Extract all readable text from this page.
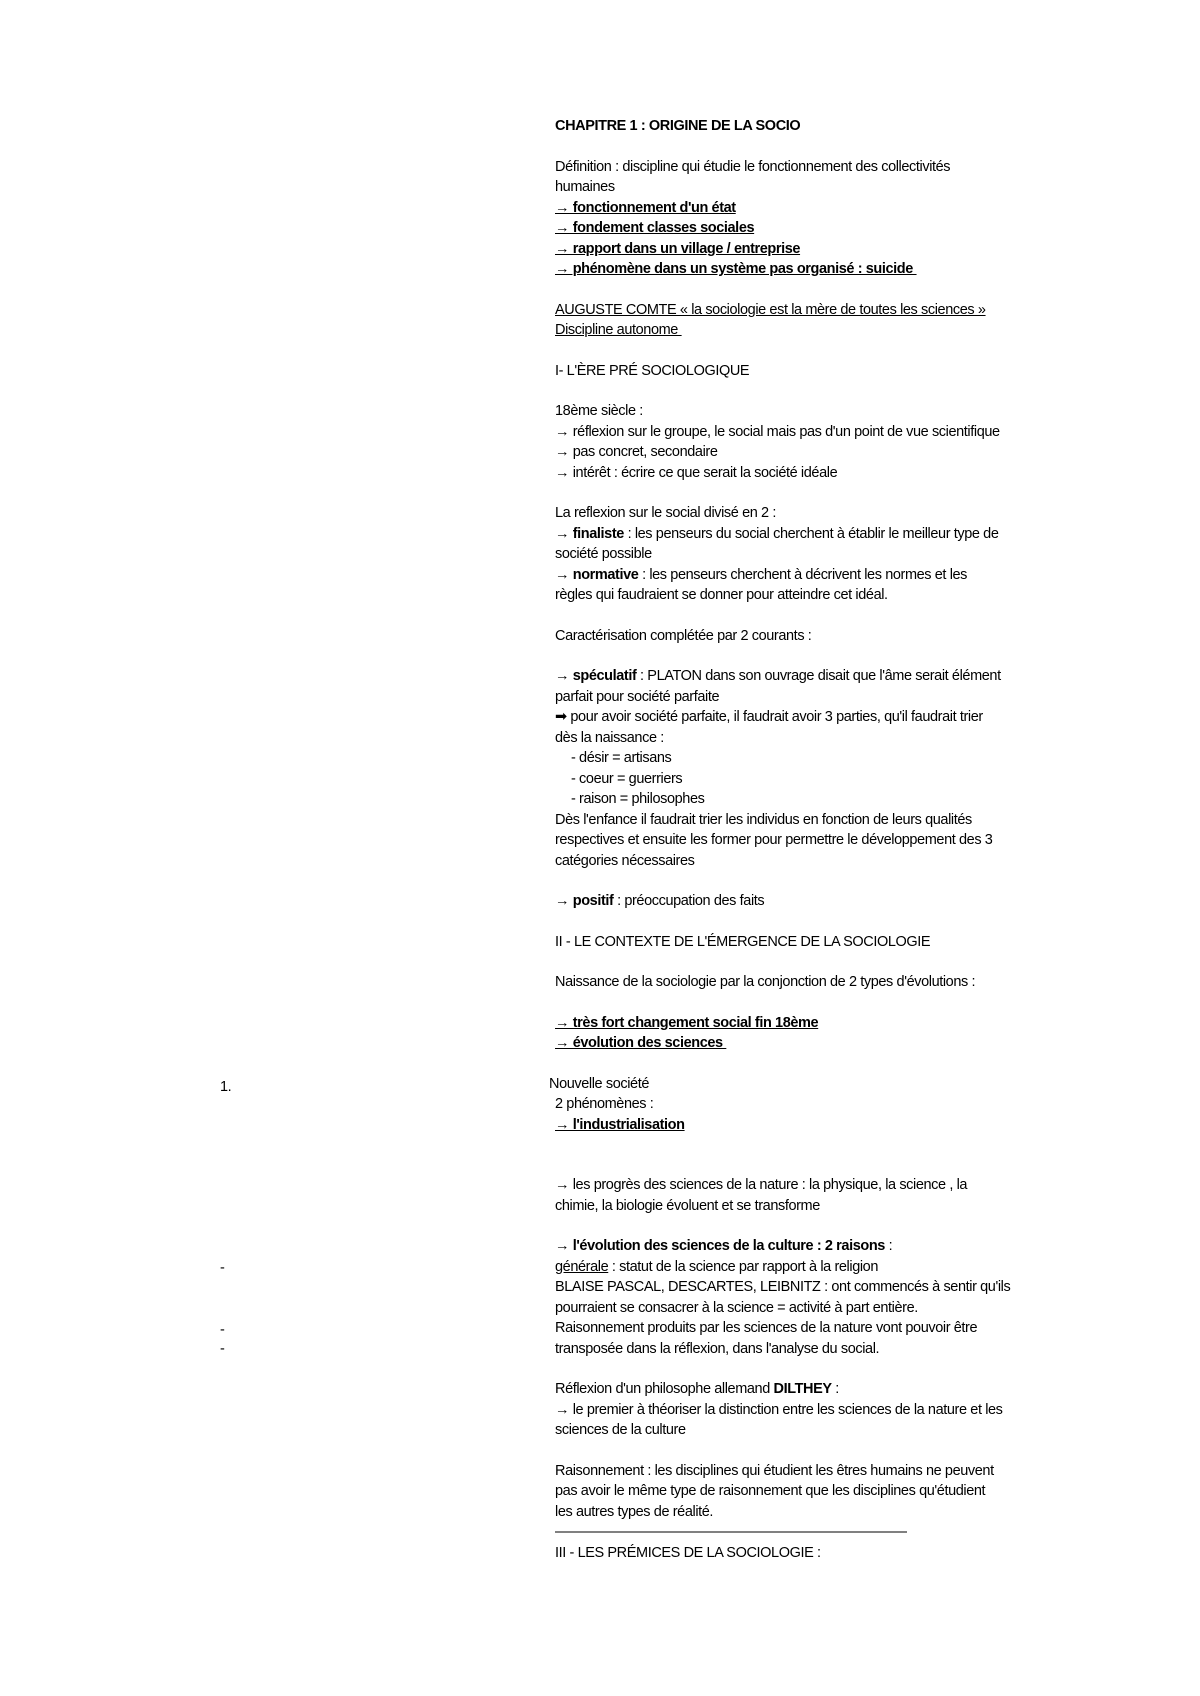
CHAPITRE 1 : ORIGINE DE LA SOCIO
Définition : discipline qui étudie le fonctionnement des collectivités
humaines
→ fonctionnement d'un état
→ fondement classes sociales
→ rapport dans un village / entreprise
→ phénomène dans un système pas organisé : suicide
AUGUSTE COMTE « la sociologie est la mère de toutes les sciences »
Discipline autonome
I- L'ÈRE PRÉ SOCIOLOGIQUE
18ème siècle :
→ réflexion sur le groupe, le social mais pas d'un point de vue scientifique
→ pas concret, secondaire
→ intérêt : écrire ce que serait la société idéale
La reflexion sur le social divisé en 2 :
→ finaliste : les penseurs du social cherchent à établir le meilleur type de
société possible
→ normative : les penseurs cherchent à décrivent les normes et les
règles qui faudraient se donner pour atteindre cet idéal.
Caractérisation complétée par 2 courants :
→ spéculatif : PLATON dans son ouvrage disait que l'âme serait élément
parfait pour société parfaite
➡ pour avoir société parfaite, il faudrait avoir 3 parties, qu'il faudrait trier
dès la naissance :
- désir = artisans
- coeur = guerriers
- raison = philosophes
Dès l'enfance il faudrait trier les individus en fonction de leurs qualités
respectives et ensuite les former pour permettre le développement des 3
catégories nécessaires
→ positif : préoccupation des faits
II - LE CONTEXTE DE L'ÉMERGENCE DE LA SOCIOLOGIE
Naissance de la sociologie par la conjonction de 2 types d'évolutions :
→ très fort changement social fin 18ème
→ évolution des sciences
Nouvelle société
2 phénomènes :
→ l'industrialisation
→ les progrès des sciences de la nature : la physique, la science , la
chimie, la biologie évoluent et se transforme
→ l'évolution des sciences de la culture : 2 raisons :
générale : statut de la science par rapport à la religion
BLAISE PASCAL, DESCARTES, LEIBNITZ : ont commencés à sentir qu'ils
pourraient se consacrer à la science = activité à part entière.
Raisonnement produits par les sciences de la nature vont pouvoir être
transposée dans la réflexion, dans l'analyse du social.
Réflexion d'un philosophe allemand DILTHEY :
→ le premier à théoriser la distinction entre les sciences de la nature et les
sciences de la culture
Raisonnement : les disciplines qui étudient les êtres humains ne peuvent
pas avoir le même type de raisonnement que les disciplines qu'étudient
les autres types de réalité.
——————————————————————————
III - LES PRÉMICES DE LA SOCIOLOGIE :
1.
-
-
-
